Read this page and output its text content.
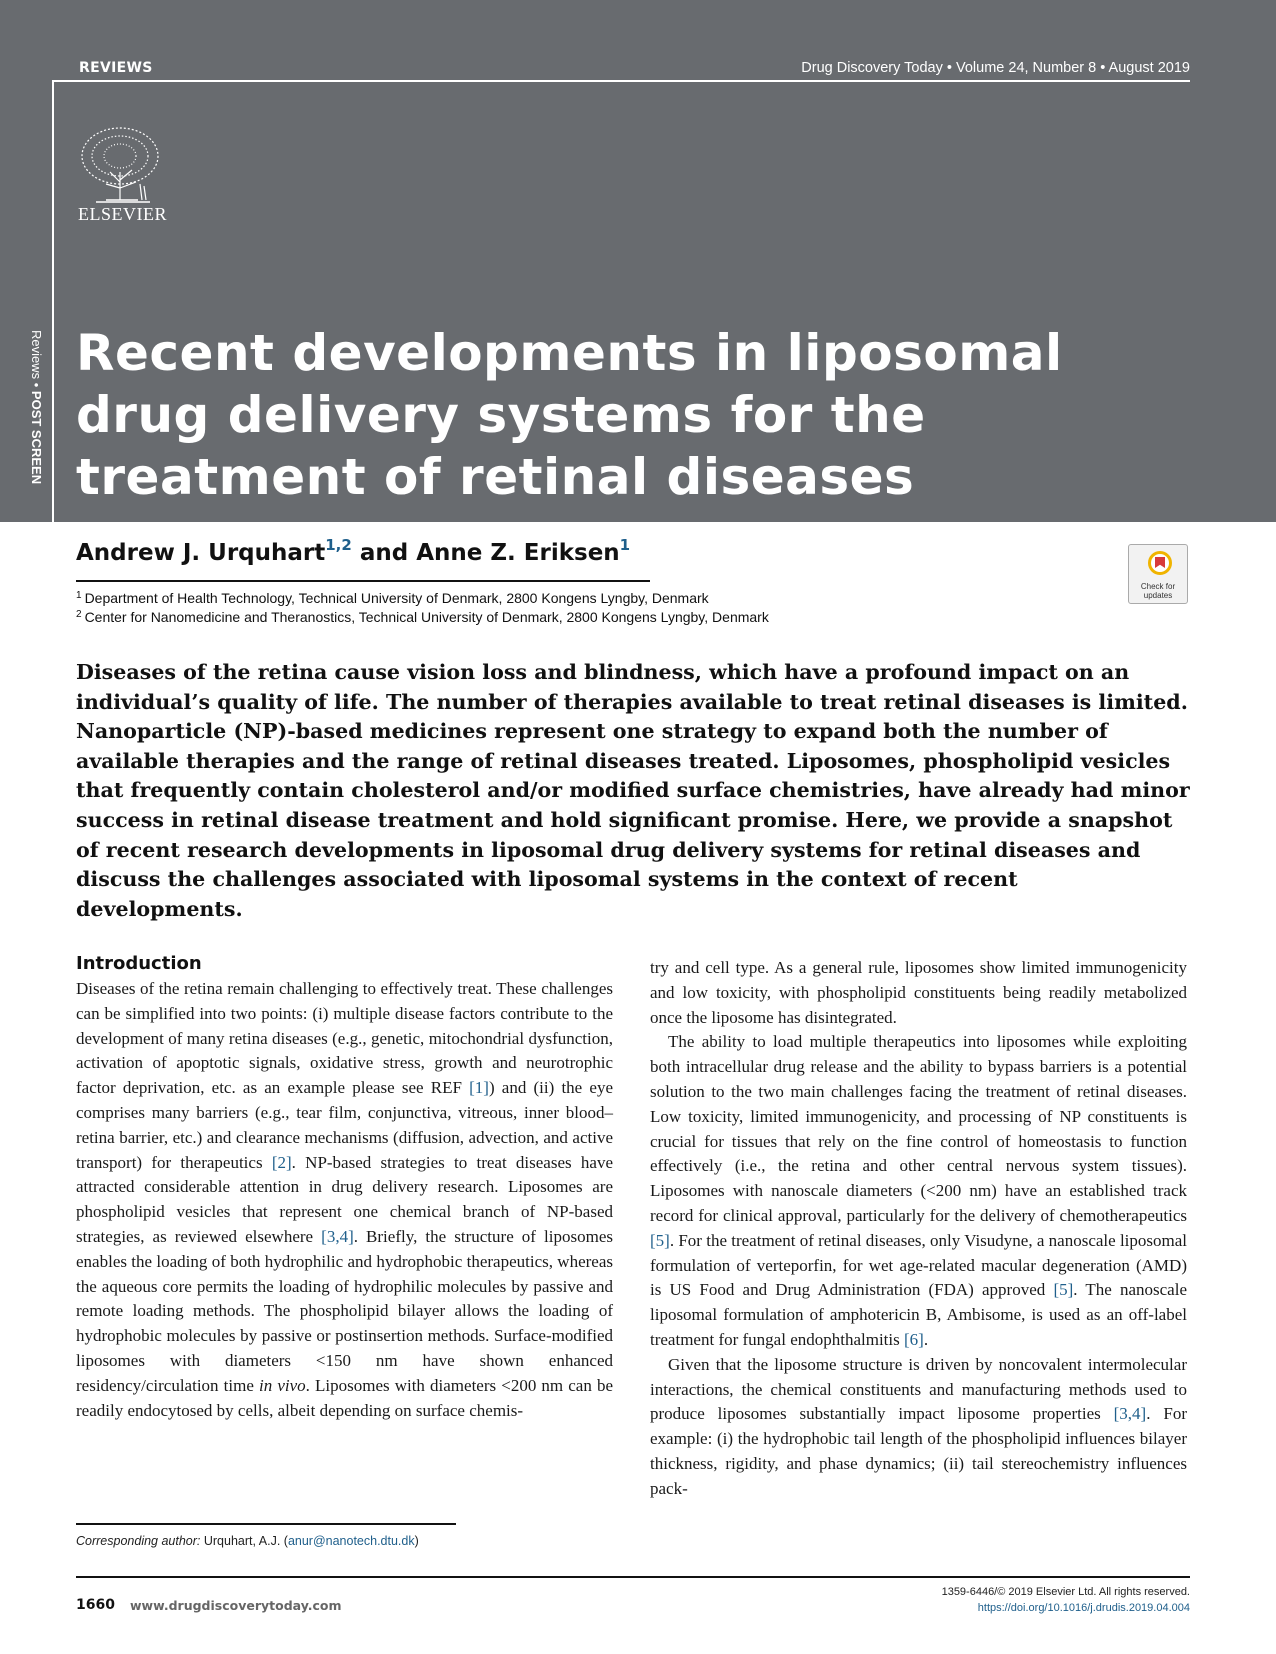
REVIEWS	Drug Discovery Today • Volume 24, Number 8 • August 2019
ELSEVIER
Reviews • POST SCREEN
Recent developments in liposomal
drug delivery systems for the
treatment of retinal diseases
Andrew J. Urquhart$^{1,2}$ and Anne Z. Eriksen$^1$
$^1$ Department of Health Technology, Technical University of Denmark, 2800 Kongens Lyngby, Denmark
$^2$ Center for Nanomedicine and Theranostics, Technical University of Denmark, 2800 Kongens Lyngby, Denmark
Check for updates

Diseases of the retina cause vision loss and blindness, which have a profound impact on an individual’s quality of life. The number of therapies available to treat retinal diseases is limited. Nanoparticle (NP)-based medicines represent one strategy to expand both the number of available therapies and the range of retinal diseases treated. Liposomes, phospholipid vesicles that frequently contain cholesterol and/or modified surface chemistries, have already had minor success in retinal disease treatment and hold significant promise. Here, we provide a snapshot of recent research developments in liposomal drug delivery systems for retinal diseases and discuss the challenges associated with liposomal systems in the context of recent developments.

Introduction

Diseases of the retina remain challenging to effectively treat. These challenges can be simplified into two points: (i) multiple disease factors contribute to the development of many retina diseases (e.g., genetic, mitochondrial dysfunction, activation of apoptotic signals, oxidative stress, growth and neurotrophic factor deprivation, etc. as an example please see REF [1]) and (ii) the eye comprises many barriers (e.g., tear film, conjunctiva, vitreous, inner blood–retina barrier, etc.) and clearance mechanisms (diffusion, advection, and active transport) for therapeutics [2]. NP-based strategies to treat diseases have attracted considerable attention in drug delivery research. Liposomes are phospholipid vesicles that represent one chemical branch of NP-based strategies, as reviewed elsewhere [3,4]. Briefly, the structure of liposomes enables the loading of both hydrophilic and hydrophobic therapeutics, whereas the aqueous core permits the loading of hydrophilic molecules by passive and remote loading methods. The phospholipid bilayer allows the loading of hydrophobic molecules by passive or postinsertion methods. Surface-modified liposomes with diameters <150 nm have shown enhanced residency/circulation time in vivo. Liposomes with diameters <200 nm can be readily endocytosed by cells, albeit depending on surface chemis-

try and cell type. As a general rule, liposomes show limited immunogenicity and low toxicity, with phospholipid constituents being readily metabolized once the liposome has disintegrated.

The ability to load multiple therapeutics into liposomes while exploiting both intracellular drug release and the ability to bypass barriers is a potential solution to the two main challenges facing the treatment of retinal diseases. Low toxicity, limited immunogenicity, and processing of NP constituents is crucial for tissues that rely on the fine control of homeostasis to function effectively (i.e., the retina and other central nervous system tissues). Liposomes with nanoscale diameters (<200 nm) have an established track record for clinical approval, particularly for the delivery of chemotherapeutics [5]. For the treatment of retinal diseases, only Visudyne, a nanoscale liposomal formulation of verteporfin, for wet age-related macular degeneration (AMD) is US Food and Drug Administration (FDA) approved [5]. The nanoscale liposomal formulation of amphotericin B, Ambisome, is used as an off-label treatment for fungal endophthalmitis [6].

Given that the liposome structure is driven by noncovalent intermolecular interactions, the chemical constituents and manufacturing methods used to produce liposomes substantially impact liposome properties [3,4]. For example: (i) the hydrophobic tail length of the phospholipid influences bilayer thickness, rigidity, and phase dynamics; (ii) tail stereochemistry influences pack-

Corresponding author: Urquhart, A.J. (anur@nanotech.dtu.dk)
1660 www.drugdiscoverytoday.com
1359-6446/© 2019 Elsevier Ltd. All rights reserved.
https://doi.org/10.1016/j.drudis.2019.04.004
